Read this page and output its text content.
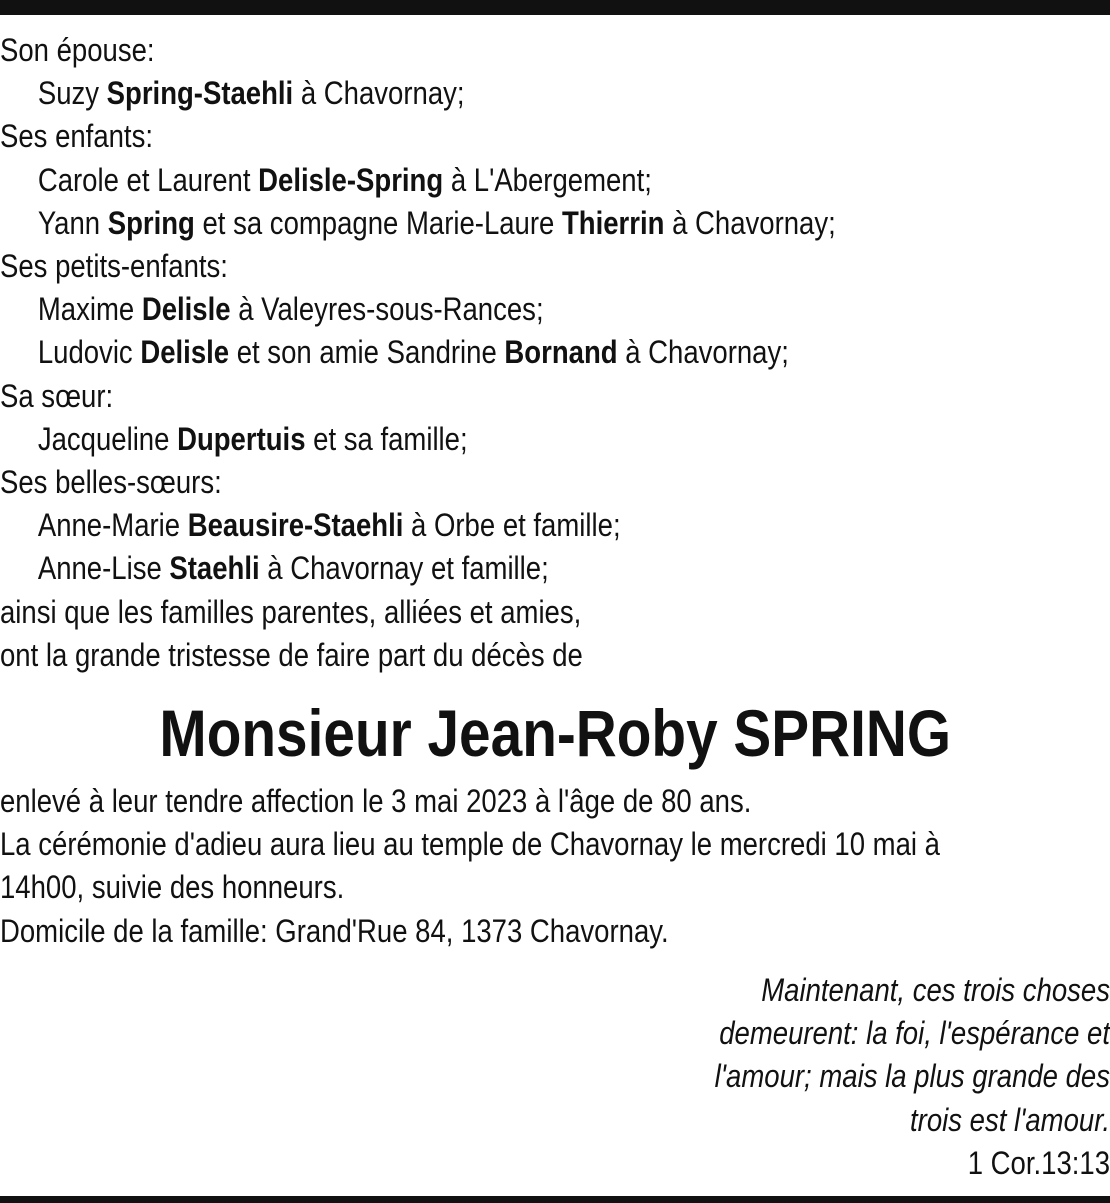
Son épouse:
Suzy Spring-Staehli à Chavornay;
Ses enfants:
Carole et Laurent Delisle-Spring à L'Abergement;
Yann Spring et sa compagne Marie-Laure Thierrin à Chavornay;
Ses petits-enfants:
Maxime Delisle à Valeyres-sous-Rances;
Ludovic Delisle et son amie Sandrine Bornand à Chavornay;
Sa sœur:
Jacqueline Dupertuis et sa famille;
Ses belles-sœurs:
Anne-Marie Beausire-Staehli à Orbe et famille;
Anne-Lise Staehli à Chavornay et famille;
ainsi que les familles parentes, alliées et amies,
ont la grande tristesse de faire part du décès de
Monsieur Jean-Roby SPRING
enlevé à leur tendre affection le 3 mai 2023 à l'âge de 80 ans.
La cérémonie d'adieu aura lieu au temple de Chavornay le mercredi 10 mai à
14h00, suivie des honneurs.
Domicile de la famille: Grand'Rue 84, 1373 Chavornay.
Maintenant, ces trois choses
demeurent: la foi, l'espérance et
l'amour; mais la plus grande des
trois est l'amour.
1 Cor.13:13
